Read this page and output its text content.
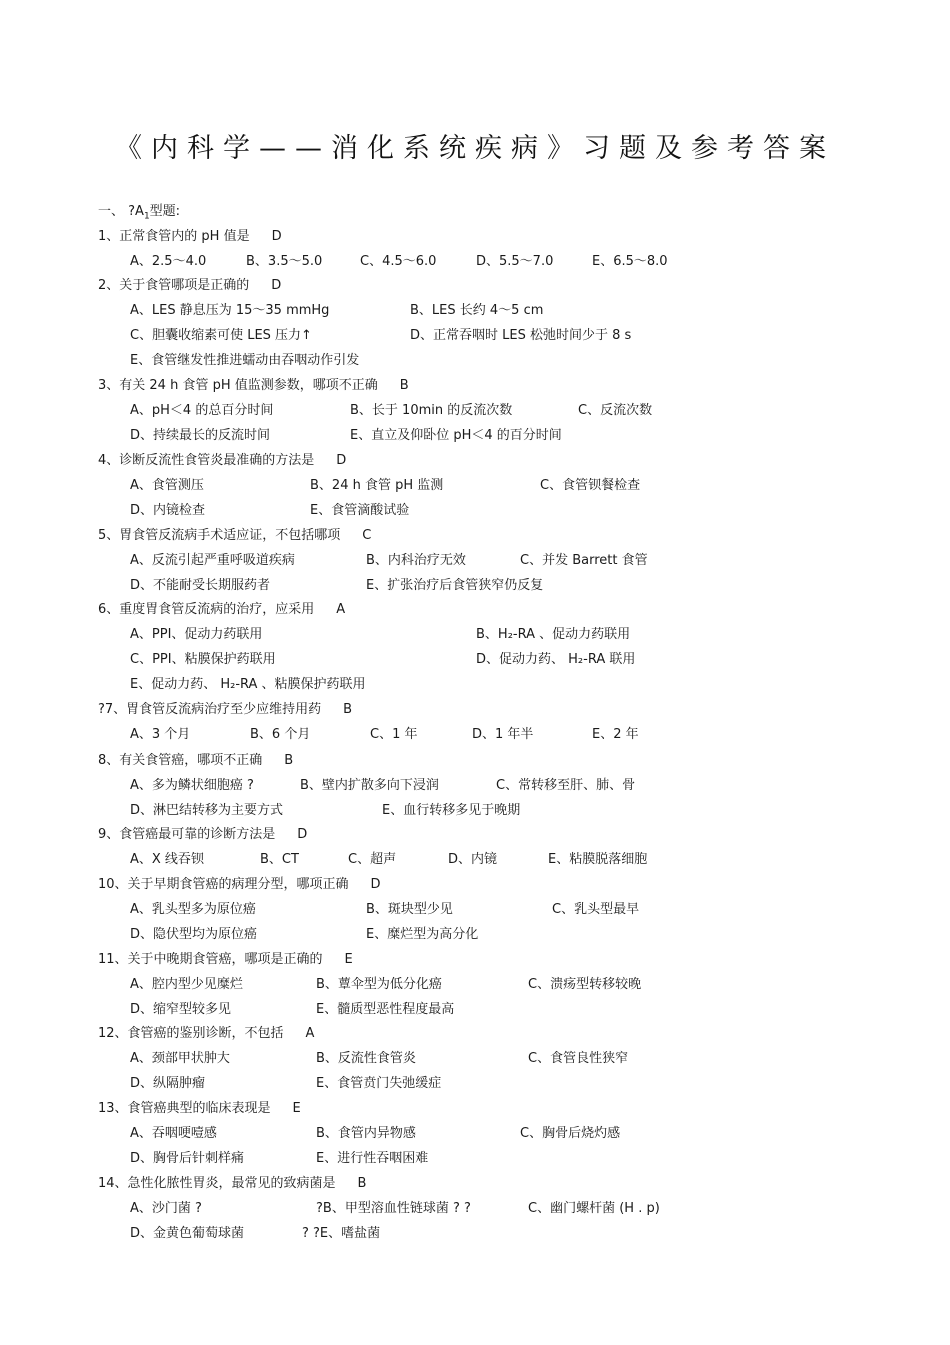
《内科学——消化系统疾病》习题及参考答案
一、 $?A_1$型题:
1、正常食管内的 pH 值是 D
A、2.5～4.0	B、3.5～5.0	C、4.5～6.0	D、5.5～7.0	E、6.5～8.0
2、关于食管哪项是正确的 D
A、LES 静息压为 15～35 mmHg	B、LES 长约 4～5 cm
C、胆囊收缩素可使 LES 压力↑	D、正常吞咽时 LES 松弛时间少于 8 s
E、食管继发性推进蠕动由吞咽动作引发
3、有关 24 h 食管 pH 值监测参数，哪项不正确 B
A、pH＜4 的总百分时间	B、长于 10min 的反流次数	C、反流次数
D、持续最长的反流时间	E、直立及仰卧位 pH＜4 的百分时间
4、诊断反流性食管炎最准确的方法是 D
A、食管测压	B、24 h 食管 pH 监测	C、食管钡餐检查
D、内镜检查	E、食管滴酸试验
5、胃食管反流病手术适应证，不包括哪项 C
A、反流引起严重呼吸道疾病	B、内科治疗无效	C、并发 Barrett 食管
D、不能耐受长期服药者	E、扩张治疗后食管狭窄仍反复
6、重度胃食管反流病的治疗，应采用 A
A、PPI、促动力药联用	B、H₂-RA 、促动力药联用
C、PPI、粘膜保护药联用	D、促动力药、 H₂-RA 联用
E、促动力药、 H₂-RA 、粘膜保护药联用
?7、胃食管反流病治疗至少应维持用药 B
A、3 个月	B、6 个月	C、1 年	D、1 年半	E、2 年
8、有关食管癌，哪项不正确 B
A、多为鳞状细胞癌 ?	B、壁内扩散多向下浸润	C、常转移至肝、肺、骨
D、淋巴结转移为主要方式	E、血行转移多见于晚期
9、食管癌最可靠的诊断方法是 D
A、X 线吞钡	B、CT	C、超声	D、内镜	E、粘膜脱落细胞
10、关于早期食管癌的病理分型，哪项正确 D
A、乳头型多为原位癌	B、斑块型少见	C、乳头型最早
D、隐伏型均为原位癌	E、糜烂型为高分化
11、关于中晚期食管癌，哪项是正确的 E
A、腔内型少见糜烂	B、蕈伞型为低分化癌	C、溃疡型转移较晚
D、缩窄型较多见	E、髓质型恶性程度最高
12、食管癌的鉴别诊断，不包括 A
A、颈部甲状肿大	B、反流性食管炎	C、食管良性狭窄
D、纵隔肿瘤	E、食管贲门失弛缓症
13、食管癌典型的临床表现是 E
A、吞咽哽噎感	B、食管内异物感	C、胸骨后烧灼感
D、胸骨后针刺样痛	E、进行性吞咽困难
14、急性化脓性胃炎，最常见的致病菌是 B
A、沙门菌 ?	?B、甲型溶血性链球菌 ? ?	C、幽门螺杆菌 (H . p)
D、金黄色葡萄球菌	? ?E、嗜盐菌
